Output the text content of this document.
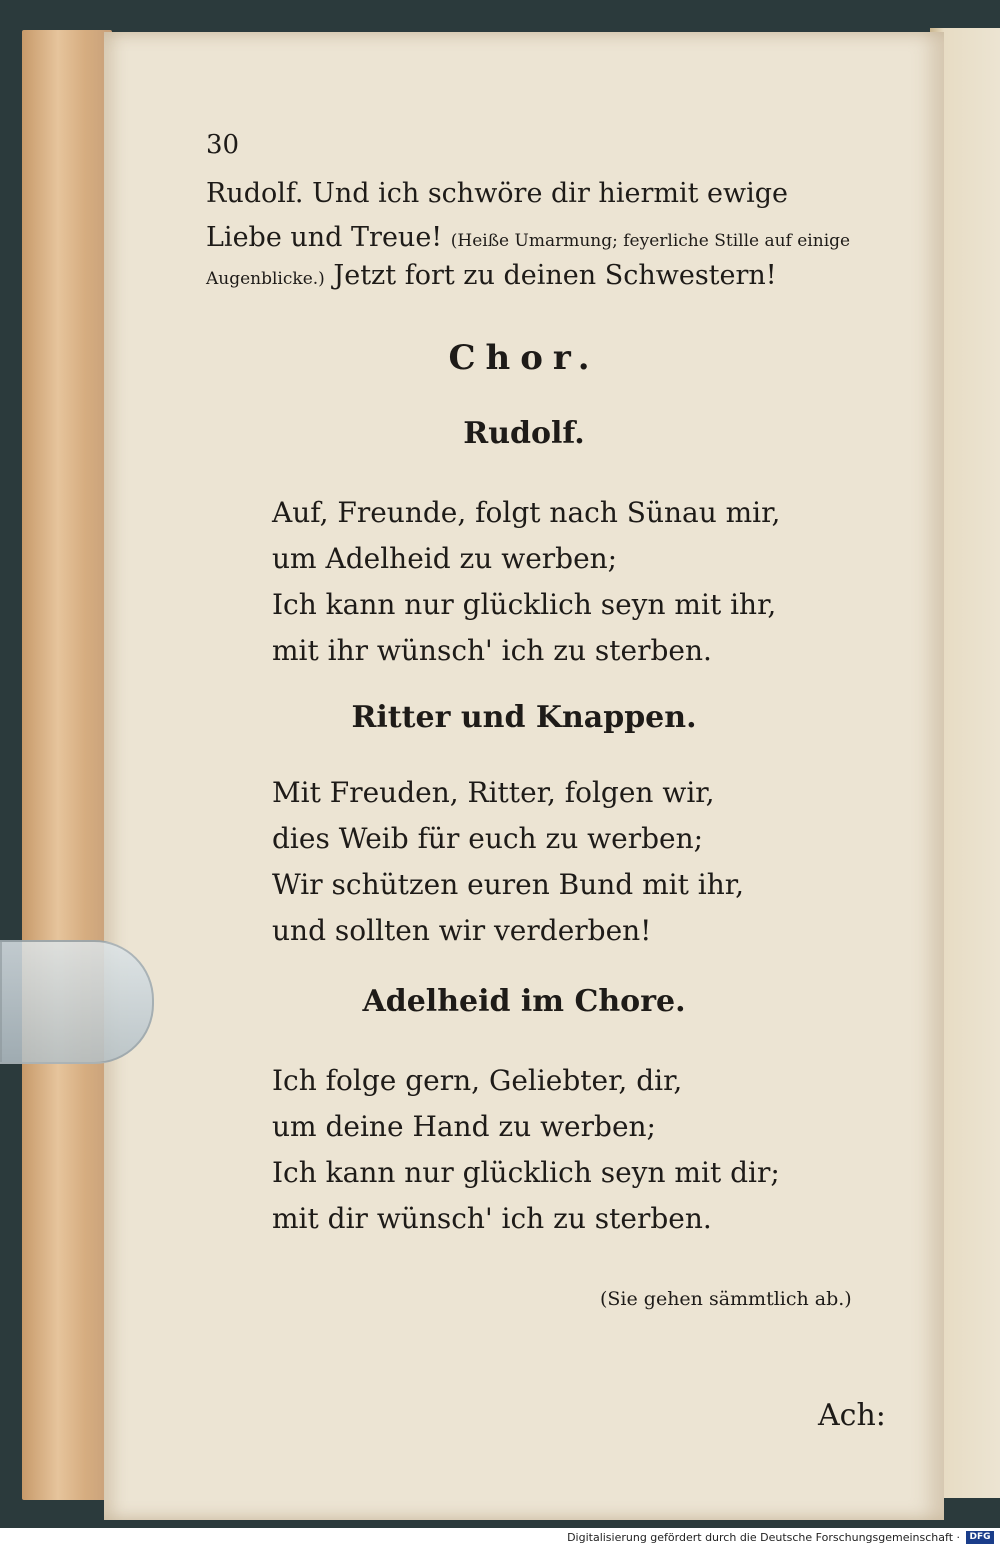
30
Rudolf. Und ich schwöre dir hiermit ewige
Liebe und Treue! (Heiße Umarmung; feyerliche Stille auf einige
Augenblicke.) Jetzt fort zu deinen Schwestern!
Chor.
Rudolf.
Auf, Freunde, folgt nach Sünau mir,
um Adelheid zu werben;
Ich kann nur glücklich seyn mit ihr,
mit ihr wünsch' ich zu sterben.
Ritter und Knappen.
Mit Freuden, Ritter, folgen wir,
dies Weib für euch zu werben;
Wir schützen euren Bund mit ihr,
und sollten wir verderben!
Adelheid im Chore.
Ich folge gern, Geliebter, dir,
um deine Hand zu werben;
Ich kann nur glücklich seyn mit dir;
mit dir wünsch' ich zu sterben.
(Sie gehen sämmtlich ab.)
Ach:
Digitalisierung gefördert durch die Deutsche Forschungsgemeinschaft ·	DFG
